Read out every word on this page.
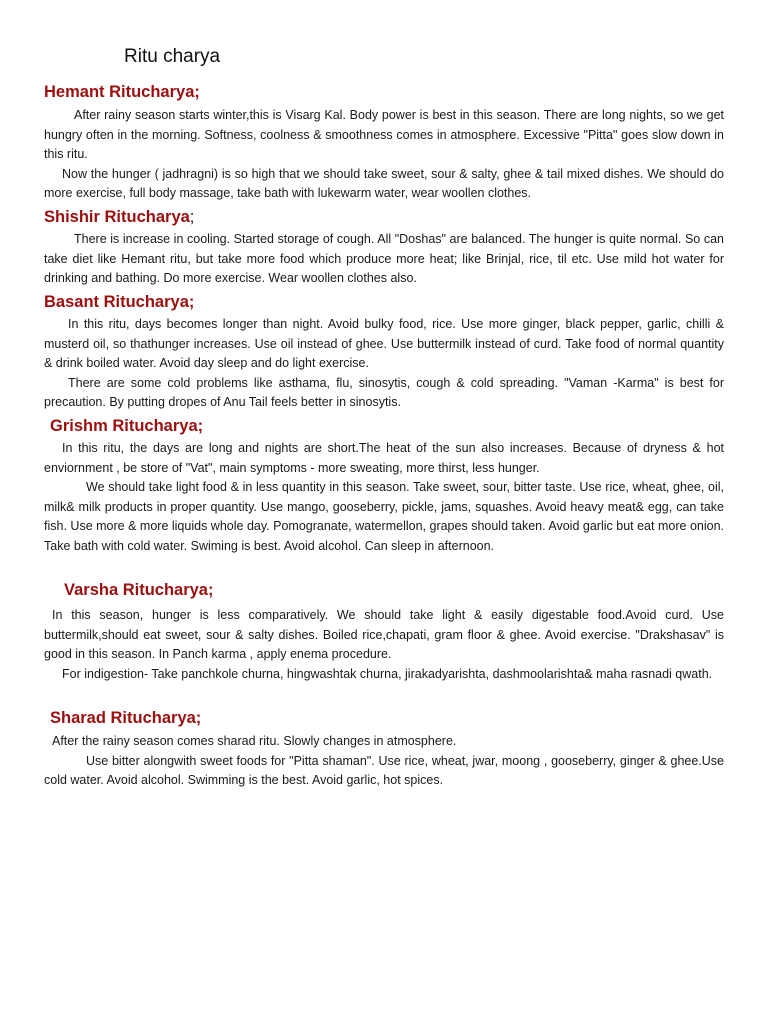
Ritu charya
Hemant Ritucharya;

After rainy season starts winter,this is Visarg Kal. Body power is best in this season. There are long nights, so we get hungry often in the morning. Softness, coolness & smoothness comes in atmosphere. Excessive "Pitta" goes slow down in this ritu.

Now the hunger ( jadhragni) is so high that we should take sweet, sour & salty, ghee & tail mixed dishes. We should do more exercise, full body massage, take bath with lukewarm water, wear woollen clothes.

Shishir Ritucharya;

There is increase in cooling. Started storage of cough. All "Doshas" are balanced. The hunger is quite normal. So can take diet like Hemant ritu, but take more food which produce more heat; like Brinjal, rice, til etc. Use mild hot water for drinking and bathing. Do more exercise. Wear woollen clothes also.

Basant Ritucharya;

In this ritu, days becomes longer than night. Avoid bulky food, rice. Use more ginger, black pepper, garlic, chilli & musterd oil, so thathunger increases. Use oil instead of ghee. Use buttermilk instead of curd. Take food of normal quantity & drink boiled water. Avoid day sleep and do light exercise.

There are some cold problems like asthama, flu, sinosytis, cough & cold spreading. "Vaman -Karma" is best for precaution. By putting dropes of Anu Tail feels better in sinosytis.

Grishm Ritucharya;

In this ritu, the days are long and nights are short.The heat of the sun also increases. Because of dryness & hot enviornment , be store of "Vat", main symptoms - more sweating, more thirst, less hunger.

We should take light food & in less quantity in this season. Take sweet, sour, bitter taste. Use rice, wheat, ghee, oil, milk& milk products in proper quantity. Use mango, gooseberry, pickle, jams, squashes. Avoid heavy meat& egg, can take fish. Use more & more liquids whole day. Pomogranate, watermellon, grapes should taken. Avoid garlic but eat more onion. Take bath with cold water. Swiming is best. Avoid alcohol. Can sleep in afternoon.

Varsha Ritucharya;

In this season, hunger is less comparatively. We should take light & easily digestable food.Avoid curd. Use buttermilk,should eat sweet, sour & salty dishes. Boiled rice,chapati, gram floor & ghee. Avoid exercise. "Drakshasav" is good in this season. In Panch karma , apply enema procedure.

For indigestion- Take panchkole churna, hingwashtak churna, jirakadyarishta, dashmoolarishta& maha rasnadi qwath.

Sharad Ritucharya;

After the rainy season comes sharad ritu. Slowly changes in atmosphere.

Use bitter alongwith sweet foods for "Pitta shaman". Use rice, wheat, jwar, moong , gooseberry, ginger & ghee.Use cold water. Avoid alcohol. Swimming is the best. Avoid garlic, hot spices.
